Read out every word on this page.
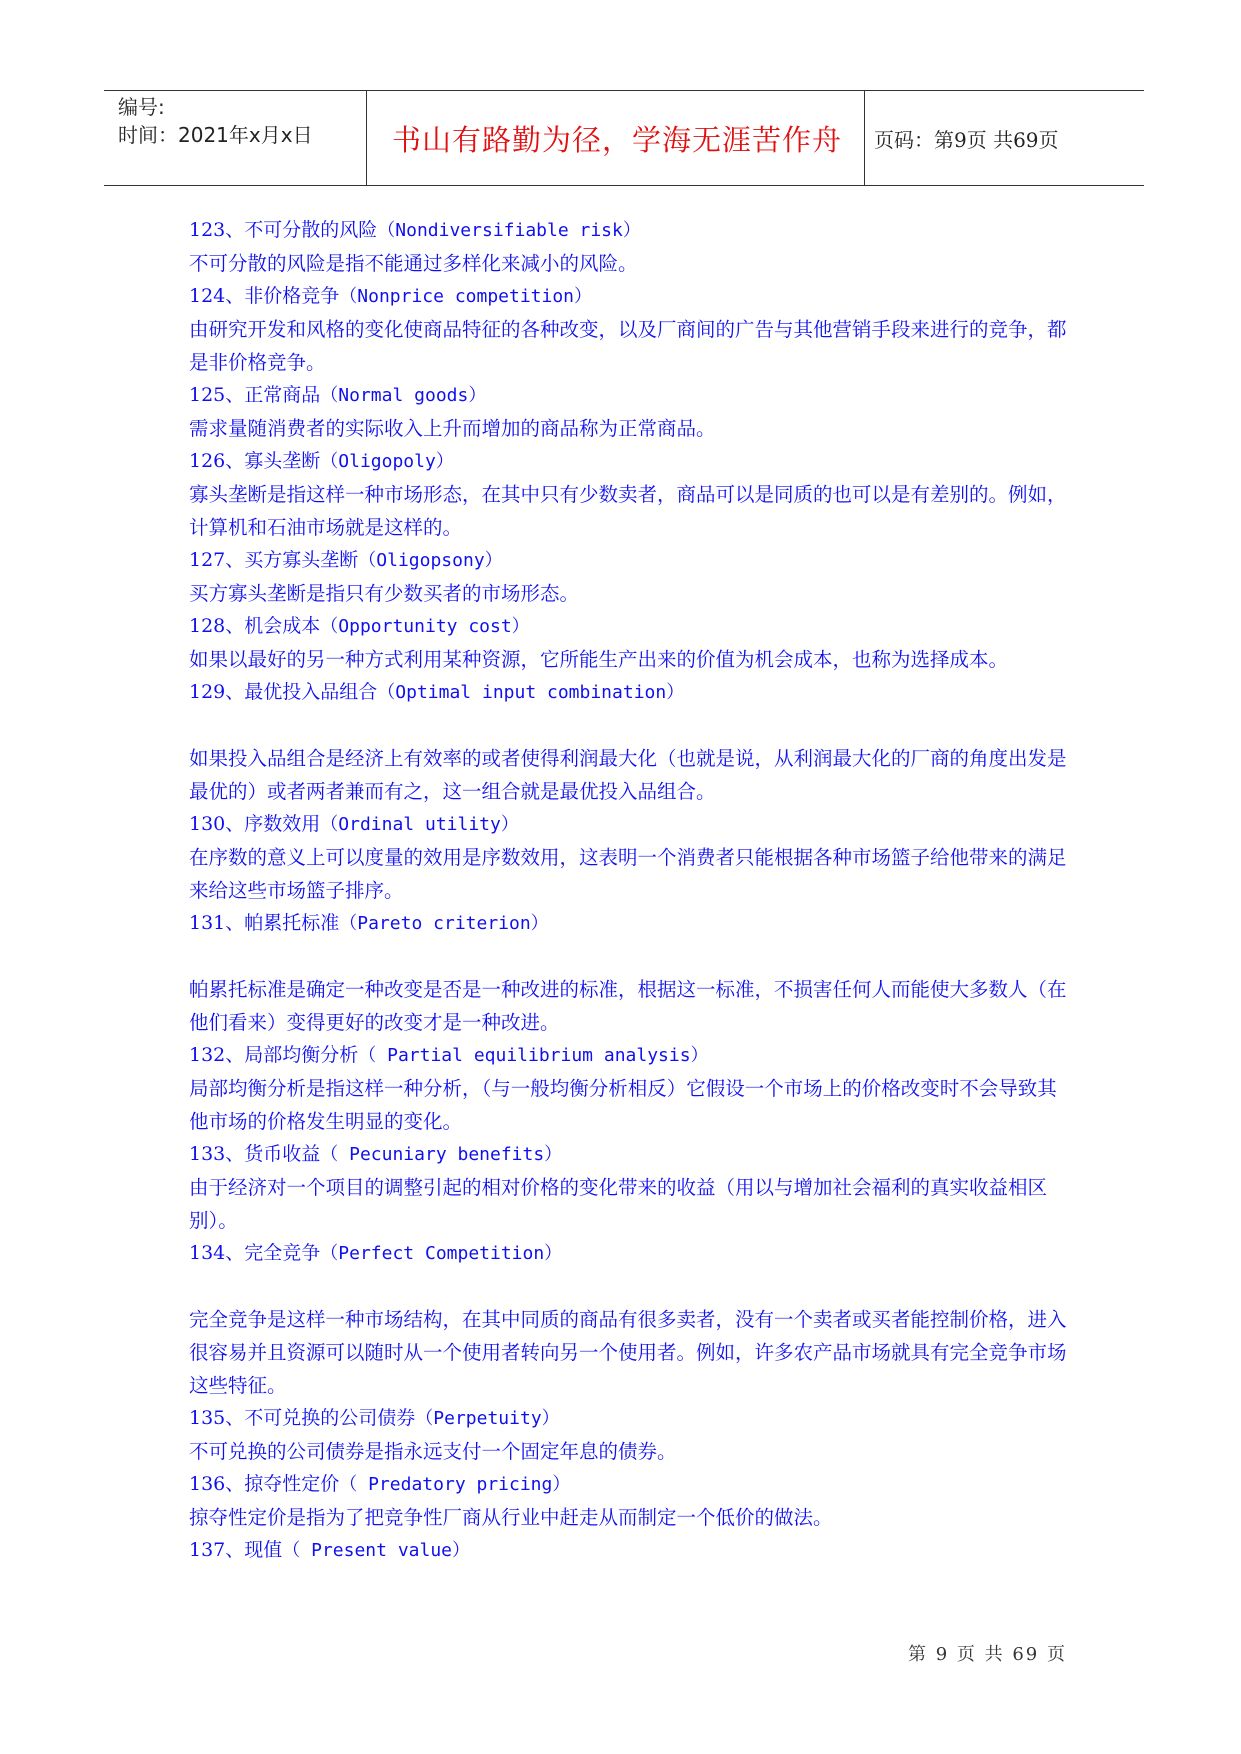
编号:
时间：2021年x月x日	书山有路勤为径，学海无涯苦作舟	页码：第9页 共69页
123、不可分散的风险（Nondiversifiable risk）

不可分散的风险是指不能通过多样化来减小的风险。

124、非价格竞争（Nonprice competition）

由研究开发和风格的变化使商品特征的各种改变，以及厂商间的广告与其他营销手段来进行的竞争，都是非价格竞争。

125、正常商品（Normal goods）

需求量随消费者的实际收入上升而增加的商品称为正常商品。

126、寡头垄断（Oligopoly）

寡头垄断是指这样一种市场形态，在其中只有少数卖者，商品可以是同质的也可以是有差别的。例如，计算机和石油市场就是这样的。

127、买方寡头垄断（Oligopsony）

买方寡头垄断是指只有少数买者的市场形态。

128、机会成本（Opportunity cost）

如果以最好的另一种方式利用某种资源，它所能生产出来的价值为机会成本，也称为选择成本。

129、最优投入品组合（Optimal input combination）

如果投入品组合是经济上有效率的或者使得利润最大化（也就是说，从利润最大化的厂商的角度出发是最优的）或者两者兼而有之，这一组合就是最优投入品组合。

130、序数效用（Ordinal utility）

在序数的意义上可以度量的效用是序数效用，这表明一个消费者只能根据各种市场篮子给他带来的满足来给这些市场篮子排序。

131、帕累托标准（Pareto criterion）

帕累托标准是确定一种改变是否是一种改进的标准，根据这一标准，不损害任何人而能使大多数人（在他们看来）变得更好的改变才是一种改进。

132、局部均衡分析（ Partial equilibrium analysis）

局部均衡分析是指这样一种分析，（与一般均衡分析相反）它假设一个市场上的价格改变时不会导致其他市场的价格发生明显的变化。

133、货币收益（ Pecuniary benefits）

由于经济对一个项目的调整引起的相对价格的变化带来的收益（用以与增加社会福利的真实收益相区别）。

134、完全竞争（Perfect Competition）

完全竞争是这样一种市场结构，在其中同质的商品有很多卖者，没有一个卖者或买者能控制价格，进入很容易并且资源可以随时从一个使用者转向另一个使用者。例如，许多农产品市场就具有完全竞争市场这些特征。

135、不可兑换的公司债券（Perpetuity）

不可兑换的公司债券是指永远支付一个固定年息的债券。

136、掠夺性定价（ Predatory pricing）

掠夺性定价是指为了把竞争性厂商从行业中赶走从而制定一个低价的做法。

137、现值（ Present value）
第 9 页 共 69 页
